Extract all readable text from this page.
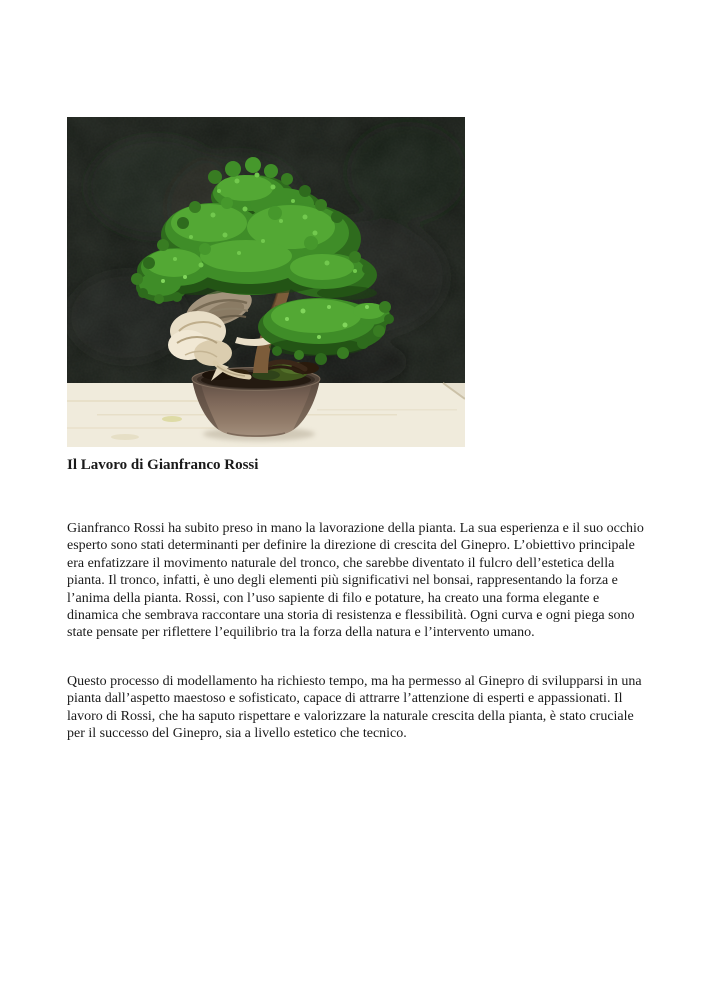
Il Lavoro di Gianfranco Rossi

Gianfranco Rossi ha subito preso in mano la lavorazione della pianta. La sua esperienza e il suo occhio esperto sono stati determinanti per definire la direzione di crescita del Ginepro. L’obiettivo principale era enfatizzare il movimento naturale del tronco, che sarebbe diventato il fulcro dell’estetica della pianta. Il tronco, infatti, è uno degli elementi più significativi nel bonsai, rappresentando la forza e l’anima della pianta. Rossi, con l’uso sapiente di filo e potature, ha creato una forma elegante e dinamica che sembrava raccontare una storia di resistenza e flessibilità. Ogni curva e ogni piega sono state pensate per riflettere l’equilibrio tra la forza della natura e l’intervento umano.

Questo processo di modellamento ha richiesto tempo, ma ha permesso al Ginepro di svilupparsi in una pianta dall’aspetto maestoso e sofisticato, capace di attrarre l’attenzione di esperti e appassionati. Il lavoro di Rossi, che ha saputo rispettare e valorizzare la naturale crescita della pianta, è stato cruciale per il successo del Ginepro, sia a livello estetico che tecnico.
